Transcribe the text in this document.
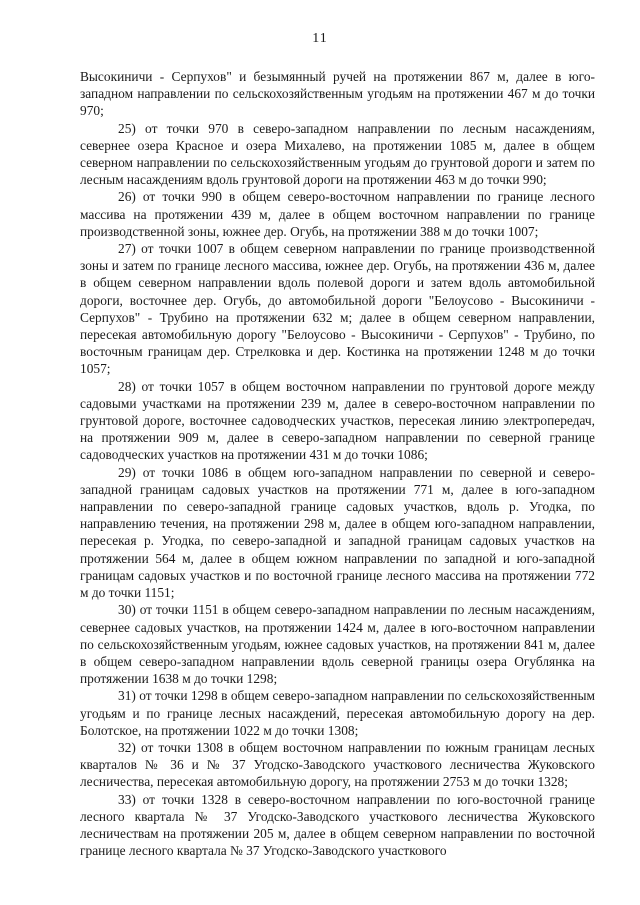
11

Высокиничи - Серпухов" и безымянный ручей на протяжении 867 м, далее в юго-западном направлении по сельскохозяйственным угодьям на протяжении 467 м до точки 970;

25) от точки 970 в северо-западном направлении по лесным насаждениям, севернее озера Красное и озера Михалево, на протяжении 1085 м, далее в общем северном направлении по сельскохозяйственным угодьям до грунтовой дороги и затем по лесным насаждениям вдоль грунтовой дороги на протяжении 463 м до точки 990;

26) от точки 990 в общем северо-восточном направлении по границе лесного массива на протяжении 439 м, далее в общем восточном направлении по границе производственной зоны, южнее дер. Огубь, на протяжении 388 м до точки 1007;

27) от точки 1007 в общем северном направлении по границе производственной зоны и затем по границе лесного массива, южнее дер. Огубь, на протяжении 436 м, далее в общем северном направлении вдоль полевой дороги и затем вдоль автомобильной дороги, восточнее дер. Огубь, до автомобильной дороги "Белоусово - Высокиничи - Серпухов" - Трубино на протяжении 632 м; далее в общем северном направлении, пересекая автомобильную дорогу "Белоусово - Высокиничи - Серпухов" - Трубино, по восточным границам дер. Стрелковка и дер. Костинка на протяжении 1248 м до точки 1057;

28) от точки 1057 в общем восточном направлении по грунтовой дороге между садовыми участками на протяжении 239 м, далее в северо-восточном направлении по грунтовой дороге, восточнее садоводческих участков, пересекая линию электропередач, на протяжении 909 м, далее в северо-западном направлении по северной границе садоводческих участков на протяжении 431 м до точки 1086;

29) от точки 1086 в общем юго-западном направлении по северной и северо-западной границам садовых участков на протяжении 771 м, далее в юго-западном направлении по северо-западной границе садовых участков, вдоль р. Угодка, по направлению течения, на протяжении 298 м, далее в общем юго-западном направлении, пересекая р. Угодка, по северо-западной и западной границам садовых участков на протяжении 564 м, далее в общем южном направлении по западной и юго-западной границам садовых участков и по восточной границе лесного массива на протяжении 772 м до точки 1151;

30) от точки 1151 в общем северо-западном направлении по лесным насаждениям, севернее садовых участков, на протяжении 1424 м, далее в юго-восточном направлении по сельскохозяйственным угодьям, южнее садовых участков, на протяжении 841 м, далее в общем северо-западном направлении вдоль северной границы озера Огублянка на протяжении 1638 м до точки 1298;

31) от точки 1298 в общем северо-западном направлении по сельскохозяйственным угодьям и по границе лесных насаждений, пересекая автомобильную дорогу на дер. Болотское, на протяжении 1022 м до точки 1308;

32) от точки 1308 в общем восточном направлении по южным границам лесных кварталов № 36 и № 37 Угодско-Заводского участкового лесничества Жуковского лесничества, пересекая автомобильную дорогу, на протяжении 2753 м до точки 1328;

33) от точки 1328 в северо-восточном направлении по юго-восточной границе лесного квартала № 37 Угодско-Заводского участкового лесничества Жуковского лесничествам на протяжении 205 м, далее в общем северном направлении по восточной границе лесного квартала № 37 Угодско-Заводского участкового
